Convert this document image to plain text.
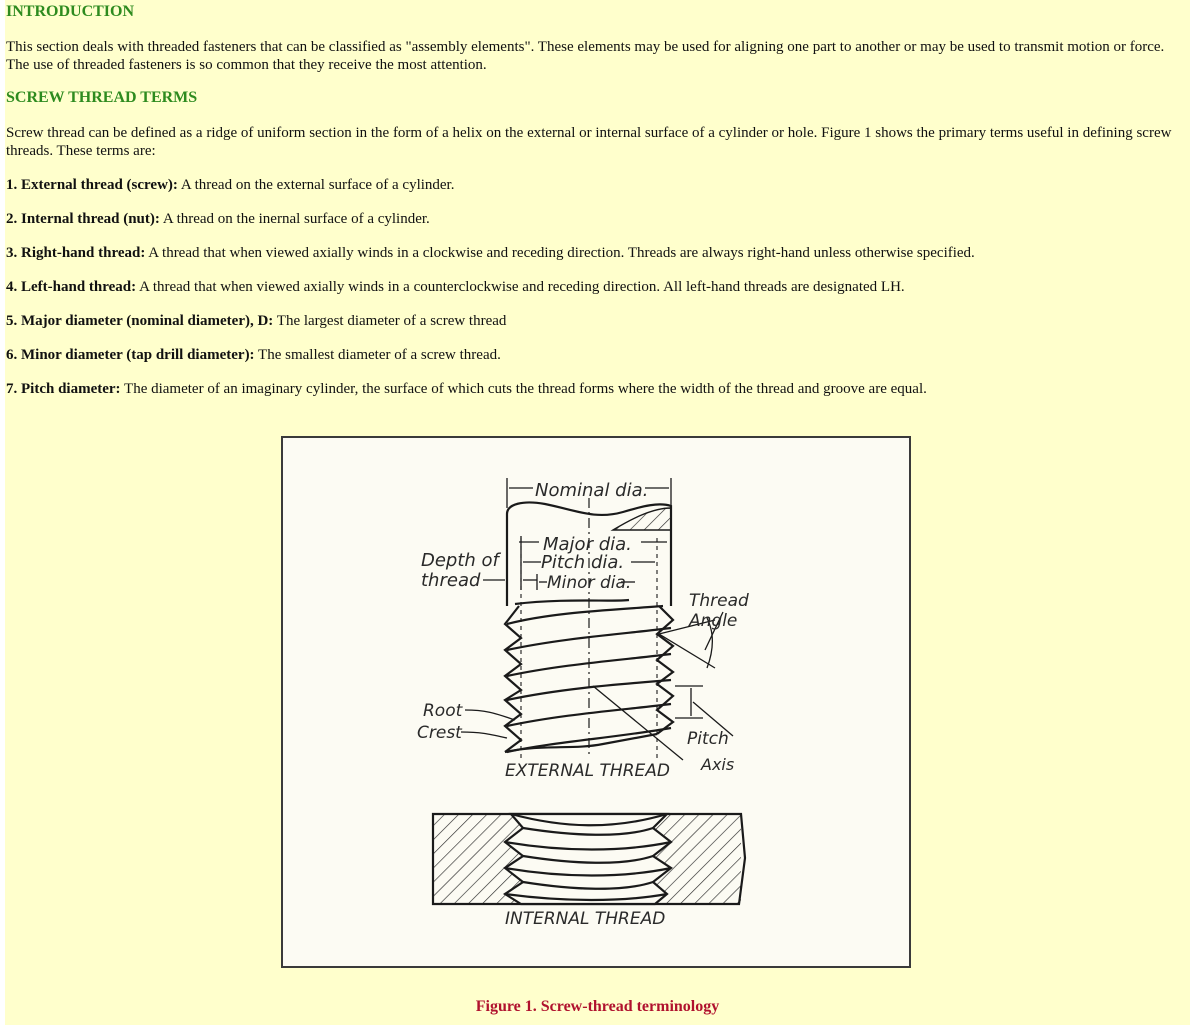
INTRODUCTION

This section deals with threaded fasteners that can be classified as "assembly elements". These elements may be used for aligning one part to another or may be used to transmit motion or force. The use of threaded fasteners is so common that they receive the most attention.

SCREW THREAD TERMS

Screw thread can be defined as a ridge of uniform section in the form of a helix on the external or internal surface of a cylinder or hole. Figure 1 shows the primary terms useful in defining screw threads. These terms are:

1. External thread (screw): A thread on the external surface of a cylinder.

2. Internal thread (nut): A thread on the inernal surface of a cylinder.

3. Right-hand thread: A thread that when viewed axially winds in a clockwise and receding direction. Threads are always right-hand unless otherwise specified.

4. Left-hand thread: A thread that when viewed axially winds in a counterclockwise and receding direction. All left-hand threads are designated LH.

5. Major diameter (nominal diameter), D: The largest diameter of a screw thread

6. Minor diameter (tap drill diameter): The smallest diameter of a screw thread.

7. Pitch diameter: The diameter of an imaginary cylinder, the surface of which cuts the thread forms where the width of the thread and groove are equal.

Nominal dia.
Major dia.
Pitch dia.
Minor dia.
Depth of
thread
Thread
Angle
Root
Crest	Pitch
Axis
EXTERNAL THREAD
INTERNAL THREAD

Figure 1. Screw-thread terminology
